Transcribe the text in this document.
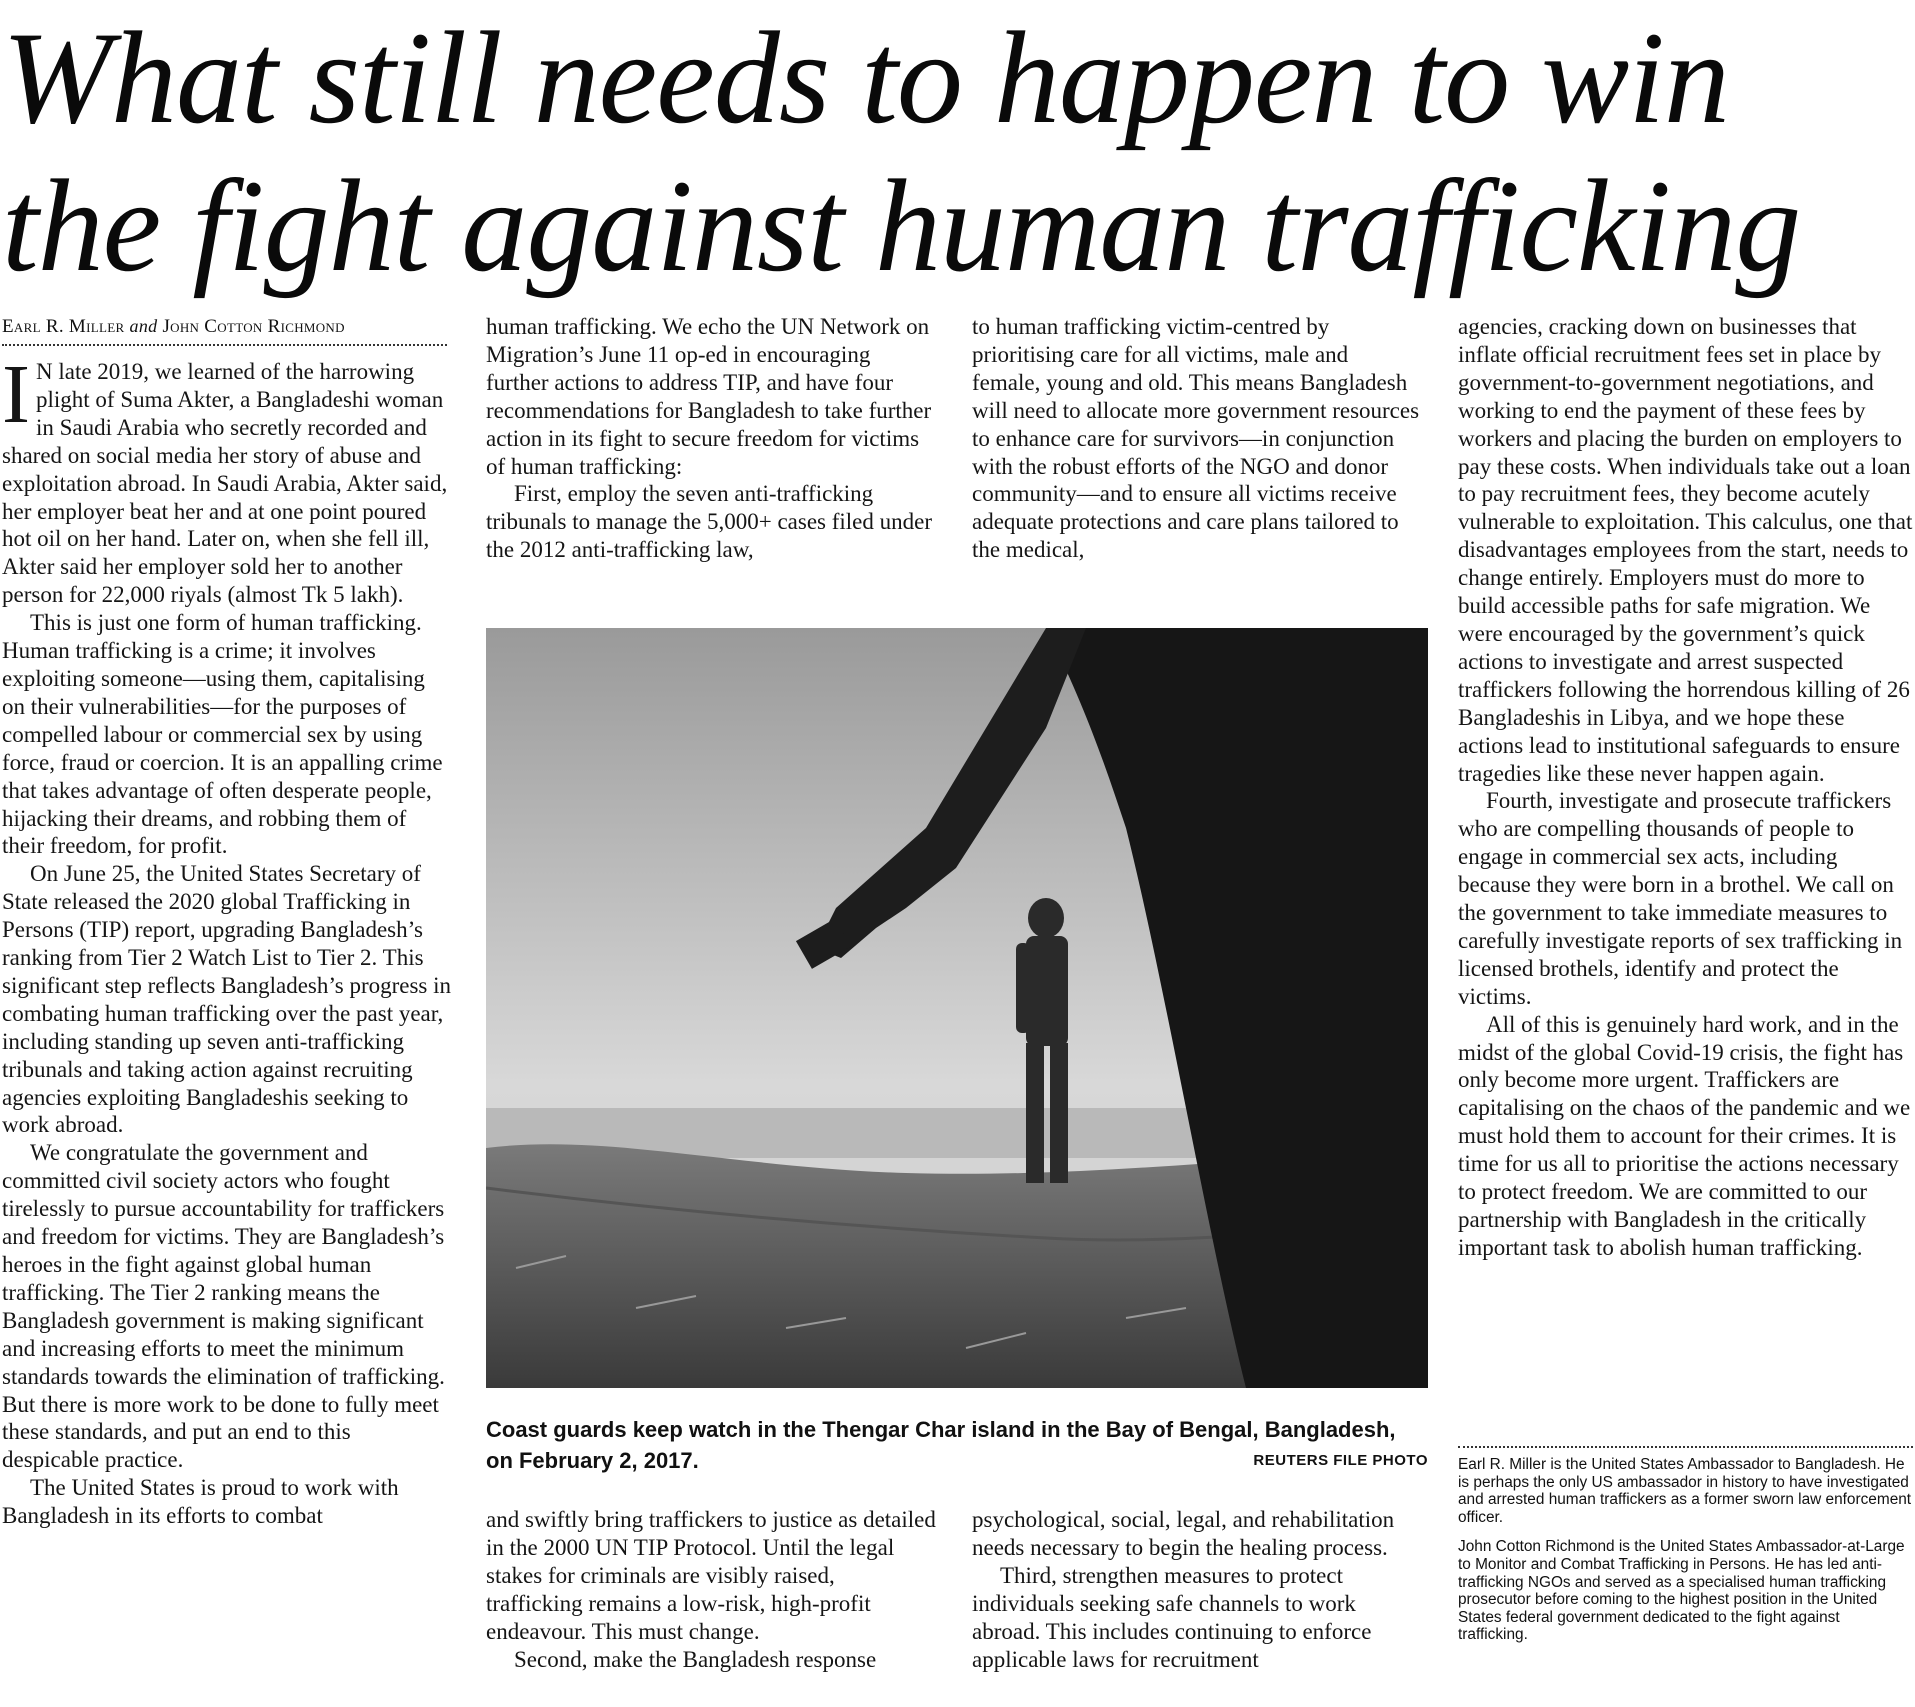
What still needs to happen to win the fight against human trafficking
Earl R. Miller and John Cotton Richmond

I N late 2019, we learned of the harrowing plight of Suma Akter, a Bangladeshi woman in Saudi Arabia who secretly recorded and shared on social media her story of abuse and exploitation abroad. In Saudi Arabia, Akter said, her employer beat her and at one point poured hot oil on her hand. Later on, when she fell ill, Akter said her employer sold her to another person for 22,000 riyals (almost Tk 5 lakh).

This is just one form of human trafficking. Human trafficking is a crime; it involves exploiting someone—using them, capitalising on their vulnerabilities—for the purposes of compelled labour or commercial sex by using force, fraud or coercion. It is an appalling crime that takes advantage of often desperate people, hijacking their dreams, and robbing them of their freedom, for profit.

On June 25, the United States Secretary of State released the 2020 global Trafficking in Persons (TIP) report, upgrading Bangladesh’s ranking from Tier 2 Watch List to Tier 2. This significant step reflects Bangladesh’s progress in combating human trafficking over the past year, including standing up seven anti-trafficking tribunals and taking action against recruiting agencies exploiting Bangladeshis seeking to work abroad.

We congratulate the government and committed civil society actors who fought tirelessly to pursue accountability for traffickers and freedom for victims. They are Bangladesh’s heroes in the fight against global human trafficking. The Tier 2 ranking means the Bangladesh government is making significant and increasing efforts to meet the minimum standards towards the elimination of trafficking. But there is more work to be done to fully meet these standards, and put an end to this despicable practice.

The United States is proud to work with Bangladesh in its efforts to combat

human trafficking. We echo the UN Network on Migration’s June 11 op-ed in encouraging further actions to address TIP, and have four recommendations for Bangladesh to take further action in its fight to secure freedom for victims of human trafficking:

First, employ the seven anti-trafficking tribunals to manage the 5,000+ cases filed under the 2012 anti-trafficking law,

to human trafficking victim-centred by prioritising care for all victims, male and female, young and old. This means Bangladesh will need to allocate more government resources to enhance care for survivors—in conjunction with the robust efforts of the NGO and donor community—and to ensure all victims receive adequate protections and care plans tailored to the medical,

Coast guards keep watch in the Thengar Char island in the Bay of Bengal, Bangladesh, on February 2, 2017.	REUTERS FILE PHOTO

and swiftly bring traffickers to justice as detailed in the 2000 UN TIP Protocol. Until the legal stakes for criminals are visibly raised, trafficking remains a low-risk, high-profit endeavour. This must change.

Second, make the Bangladesh response

psychological, social, legal, and rehabilitation needs necessary to begin the healing process.

Third, strengthen measures to protect individuals seeking safe channels to work abroad. This includes continuing to enforce applicable laws for recruitment

agencies, cracking down on businesses that inflate official recruitment fees set in place by government-to-government negotiations, and working to end the payment of these fees by workers and placing the burden on employers to pay these costs. When individuals take out a loan to pay recruitment fees, they become acutely vulnerable to exploitation. This calculus, one that disadvantages employees from the start, needs to change entirely. Employers must do more to build accessible paths for safe migration. We were encouraged by the government’s quick actions to investigate and arrest suspected traffickers following the horrendous killing of 26 Bangladeshis in Libya, and we hope these actions lead to institutional safeguards to ensure tragedies like these never happen again.

Fourth, investigate and prosecute traffickers who are compelling thousands of people to engage in commercial sex acts, including because they were born in a brothel. We call on the government to take immediate measures to carefully investigate reports of sex trafficking in licensed brothels, identify and protect the victims.

All of this is genuinely hard work, and in the midst of the global Covid-19 crisis, the fight has only become more urgent. Traffickers are capitalising on the chaos of the pandemic and we must hold them to account for their crimes. It is time for us all to prioritise the actions necessary to protect freedom. We are committed to our partnership with Bangladesh in the critically important task to abolish human trafficking.

Earl R. Miller is the United States Ambassador to Bangladesh. He is perhaps the only US ambassador in history to have investigated and arrested human traffickers as a former sworn law enforcement officer.

John Cotton Richmond is the United States Ambassador-at-Large to Monitor and Combat Trafficking in Persons. He has led anti-trafficking NGOs and served as a specialised human trafficking prosecutor before coming to the highest position in the United States federal government dedicated to the fight against trafficking.
